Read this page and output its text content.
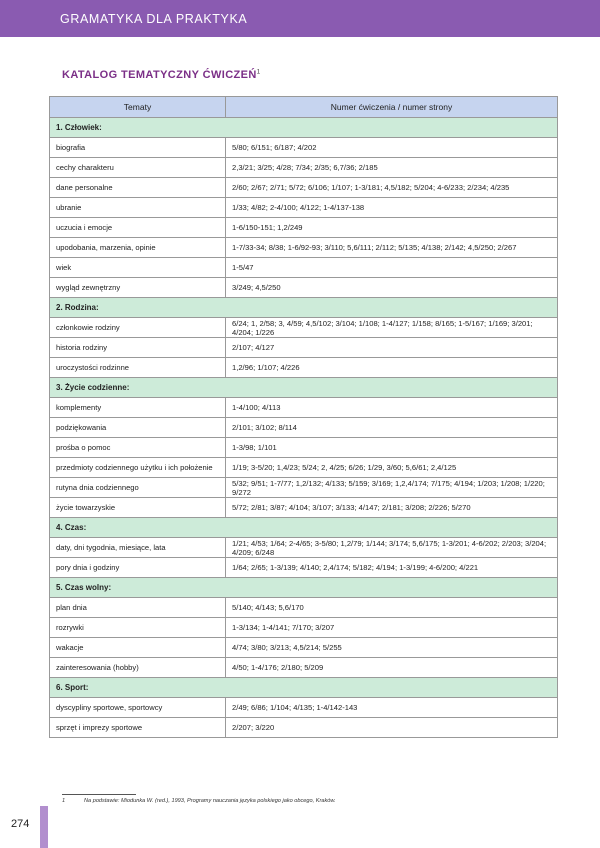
GRAMATYKA DLA PRAKTYKA
KATALOG TEMATYCZNY ĆWICZEŃ$^1$
Tematy	Numer ćwiczenia / numer strony
1. Człowiek:	
biografia	5/80; 6/151; 6/187; 4/202
cechy charakteru	2,3/21; 3/25; 4/28; 7/34; 2/35; 6,7/36; 2/185
dane personalne	2/60; 2/67; 2/71; 5/72; 6/106; 1/107; 1-3/181; 4,5/182; 5/204; 4-6/233; 2/234; 4/235
ubranie	1/33; 4/82; 2-4/100; 4/122; 1-4/137-138
uczucia i emocje	1-6/150-151; 1,2/249
upodobania, marzenia, opinie	1-7/33-34; 8/38; 1-6/92-93; 3/110; 5,6/111; 2/112; 5/135; 4/138; 2/142; 4,5/250; 2/267
wiek	1-5/47
wygląd zewnętrzny	3/249; 4,5/250
2. Rodzina:	
członkowie rodziny	6/24; 1, 2/58; 3, 4/59; 4,5/102; 3/104; 1/108; 1-4/127; 1/158; 8/165; 1-5/167; 1/169; 3/201; 4/204; 1/226
historia rodziny	2/107; 4/127
uroczystości rodzinne	1,2/96; 1/107; 4/226
3. Życie codzienne:	
komplementy	1-4/100; 4/113
podziękowania	2/101; 3/102; 8/114
prośba o pomoc	1-3/98; 1/101
przedmioty codziennego użytku i ich położenie	1/19; 3-5/20; 1,4/23; 5/24; 2, 4/25; 6/26; 1/29, 3/60; 5,6/61; 2,4/125
rutyna dnia codziennego	5/32; 9/51; 1-7/77; 1,2/132; 4/133; 5/159; 3/169; 1,2,4/174; 7/175; 4/194; 1/203; 1/208; 1/220; 9/272
życie towarzyskie	5/72; 2/81; 3/87; 4/104; 3/107; 3/133; 4/147; 2/181; 3/208; 2/226; 5/270
4. Czas:	
daty, dni tygodnia, miesiące, lata	1/21; 4/53; 1/64; 2-4/65; 3-5/80; 1,2/79; 1/144; 3/174; 5,6/175; 1-3/201; 4-6/202; 2/203; 3/204; 4/209; 6/248
pory dnia i godziny	1/64; 2/65; 1-3/139; 4/140; 2,4/174; 5/182; 4/194; 1-3/199; 4-6/200; 4/221
5. Czas wolny:	
plan dnia	5/140; 4/143; 5,6/170
rozrywki	1-3/134; 1-4/141; 7/170; 3/207
wakacje	4/74; 3/80; 3/213; 4,5/214; 5/255
zainteresowania (hobby)	4/50; 1-4/176; 2/180; 5/209
6. Sport:	
dyscypliny sportowe, sportowcy	2/49; 6/86; 1/104; 4/135; 1-4/142-143
sprzęt i imprezy sportowe	2/207; 3/220
1	Na podstawie: Miodunka W. (red.), 1993, Programy nauczania języka polskiego jako obcego, Kraków.
274
